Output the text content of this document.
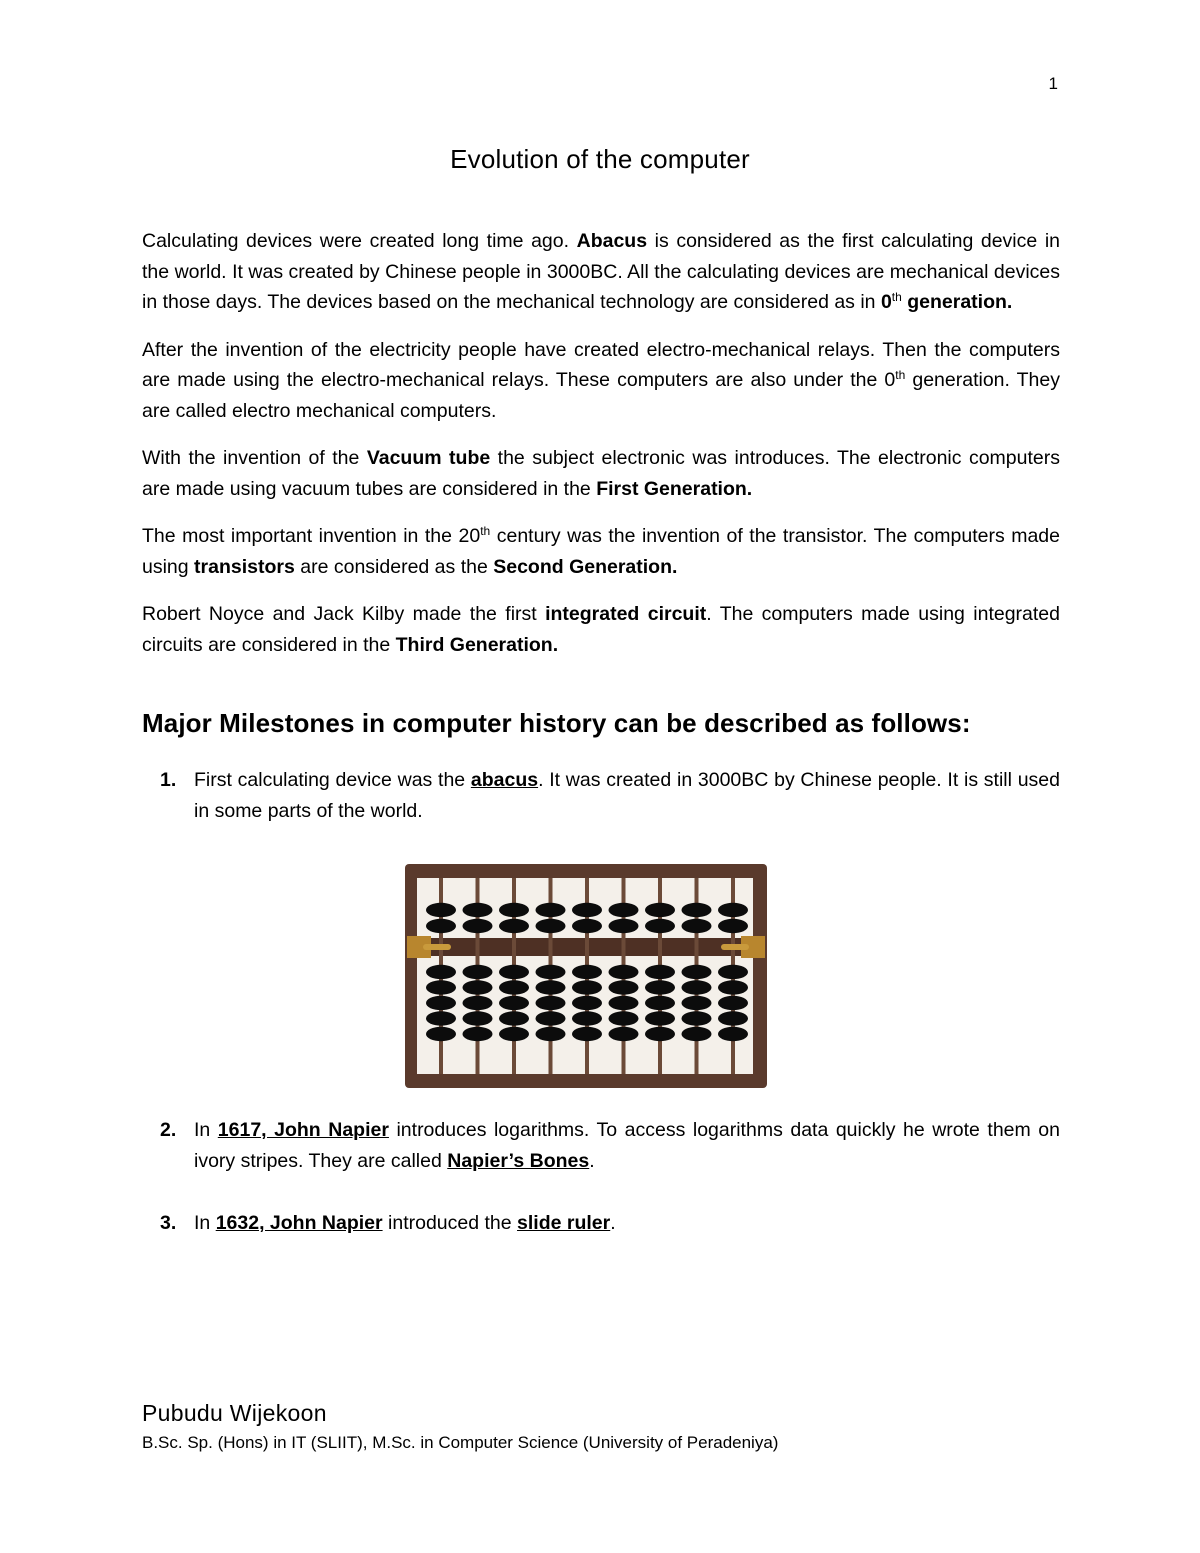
1
Evolution of the computer

Calculating devices were created long time ago. Abacus is considered as the first calculating device in the world. It was created by Chinese people in 3000BC. All the calculating devices are mechanical devices in those days. The devices based on the mechanical technology are considered as in 0th generation.

After the invention of the electricity people have created electro-mechanical relays. Then the computers are made using the electro-mechanical relays. These computers are also under the 0th generation. They are called electro mechanical computers.

With the invention of the Vacuum tube the subject electronic was introduces. The electronic computers are made using vacuum tubes are considered in the First Generation.

The most important invention in the 20th century was the invention of the transistor. The computers made using transistors are considered as the Second Generation.

Robert Noyce and Jack Kilby made the first integrated circuit. The computers made using integrated circuits are considered in the Third Generation.

Major Milestones in computer history can be described as follows:
1. First calculating device was the abacus. It was created in 3000BC by Chinese people. It is still used in some parts of the world.
2. In 1617, John Napier introduces logarithms. To access logarithms data quickly he wrote them on ivory stripes. They are called Napier’s Bones.
3. In 1632, John Napier introduced the slide ruler.
Pubudu Wijekoon
B.Sc. Sp. (Hons) in IT (SLIIT), M.Sc. in Computer Science (University of Peradeniya)
